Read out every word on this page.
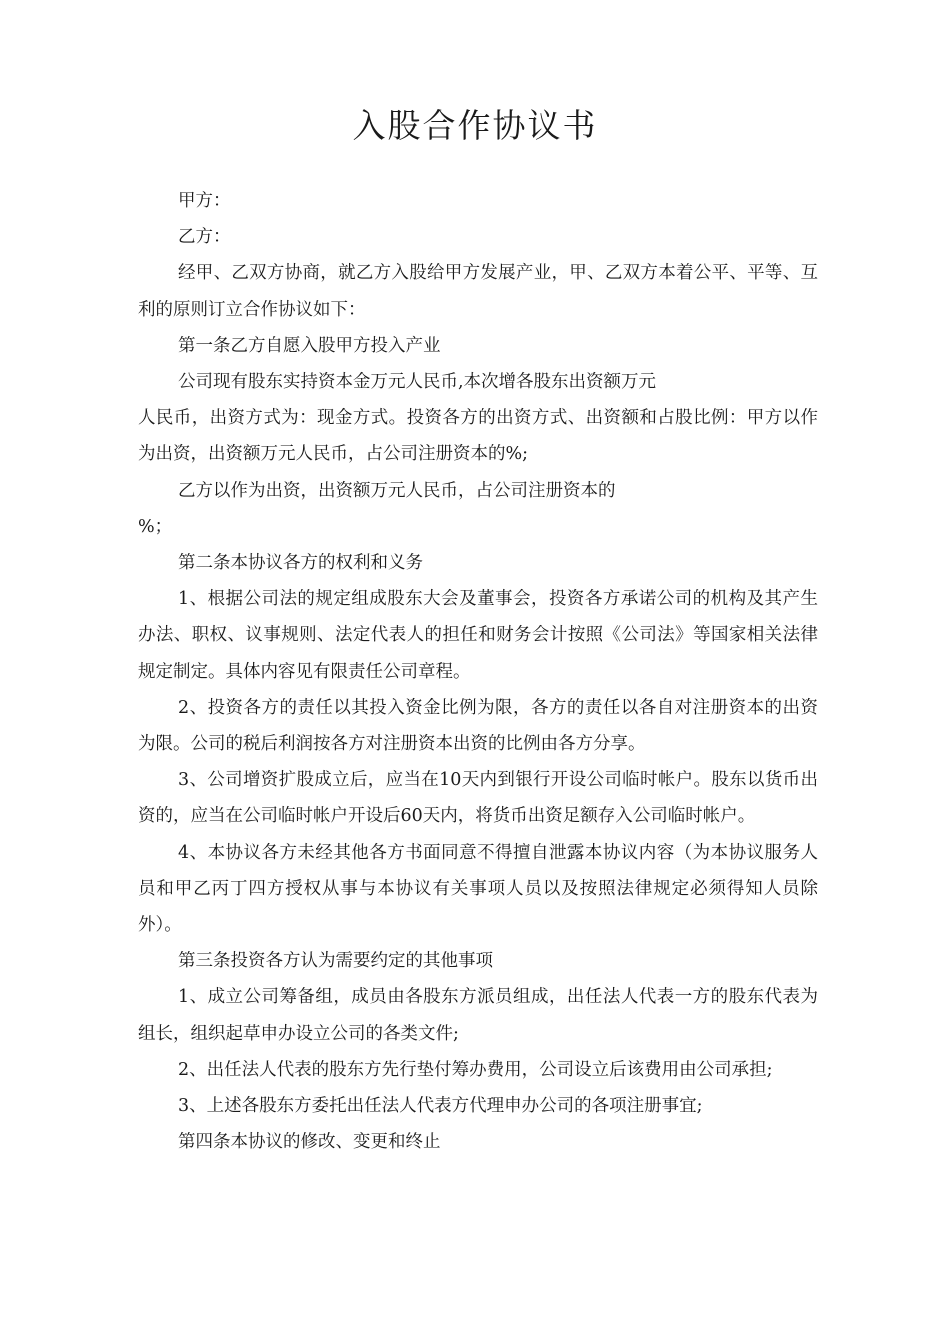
入股合作协议书

甲方：

乙方：

经甲、乙双方协商，就乙方入股给甲方发展产业，甲、乙双方本着公平、平等、互利的原则订立合作协议如下：

第一条乙方自愿入股甲方投入产业

公司现有股东实持资本金万元人民币,本次增各股东出资额万元

人民币，出资方式为：现金方式。投资各方的出资方式、出资额和占股比例：甲方以作为出资，出资额万元人民币，占公司注册资本的%;

乙方以作为出资，出资额万元人民币，占公司注册资本的

%；

第二条本协议各方的权利和义务

1、根据公司法的规定组成股东大会及董事会，投资各方承诺公司的机构及其产生办法、职权、议事规则、法定代表人的担任和财务会计按照《公司法》等国家相关法律规定制定。具体内容见有限责任公司章程。

2、投资各方的责任以其投入资金比例为限，各方的责任以各自对注册资本的出资为限。公司的税后利润按各方对注册资本出资的比例由各方分享。

3、公司增资扩股成立后，应当在10天内到银行开设公司临时帐户。股东以货币出资的，应当在公司临时帐户开设后60天内，将货币出资足额存入公司临时帐户。

4、本协议各方未经其他各方书面同意不得擅自泄露本协议内容（为本协议服务人员和甲乙丙丁四方授权从事与本协议有关事项人员以及按照法律规定必须得知人员除外）。

第三条投资各方认为需要约定的其他事项

1、成立公司筹备组，成员由各股东方派员组成，出任法人代表一方的股东代表为组长，组织起草申办设立公司的各类文件;

2、出任法人代表的股东方先行垫付筹办费用，公司设立后该费用由公司承担;

3、上述各股东方委托出任法人代表方代理申办公司的各项注册事宜;

第四条本协议的修改、变更和终止
